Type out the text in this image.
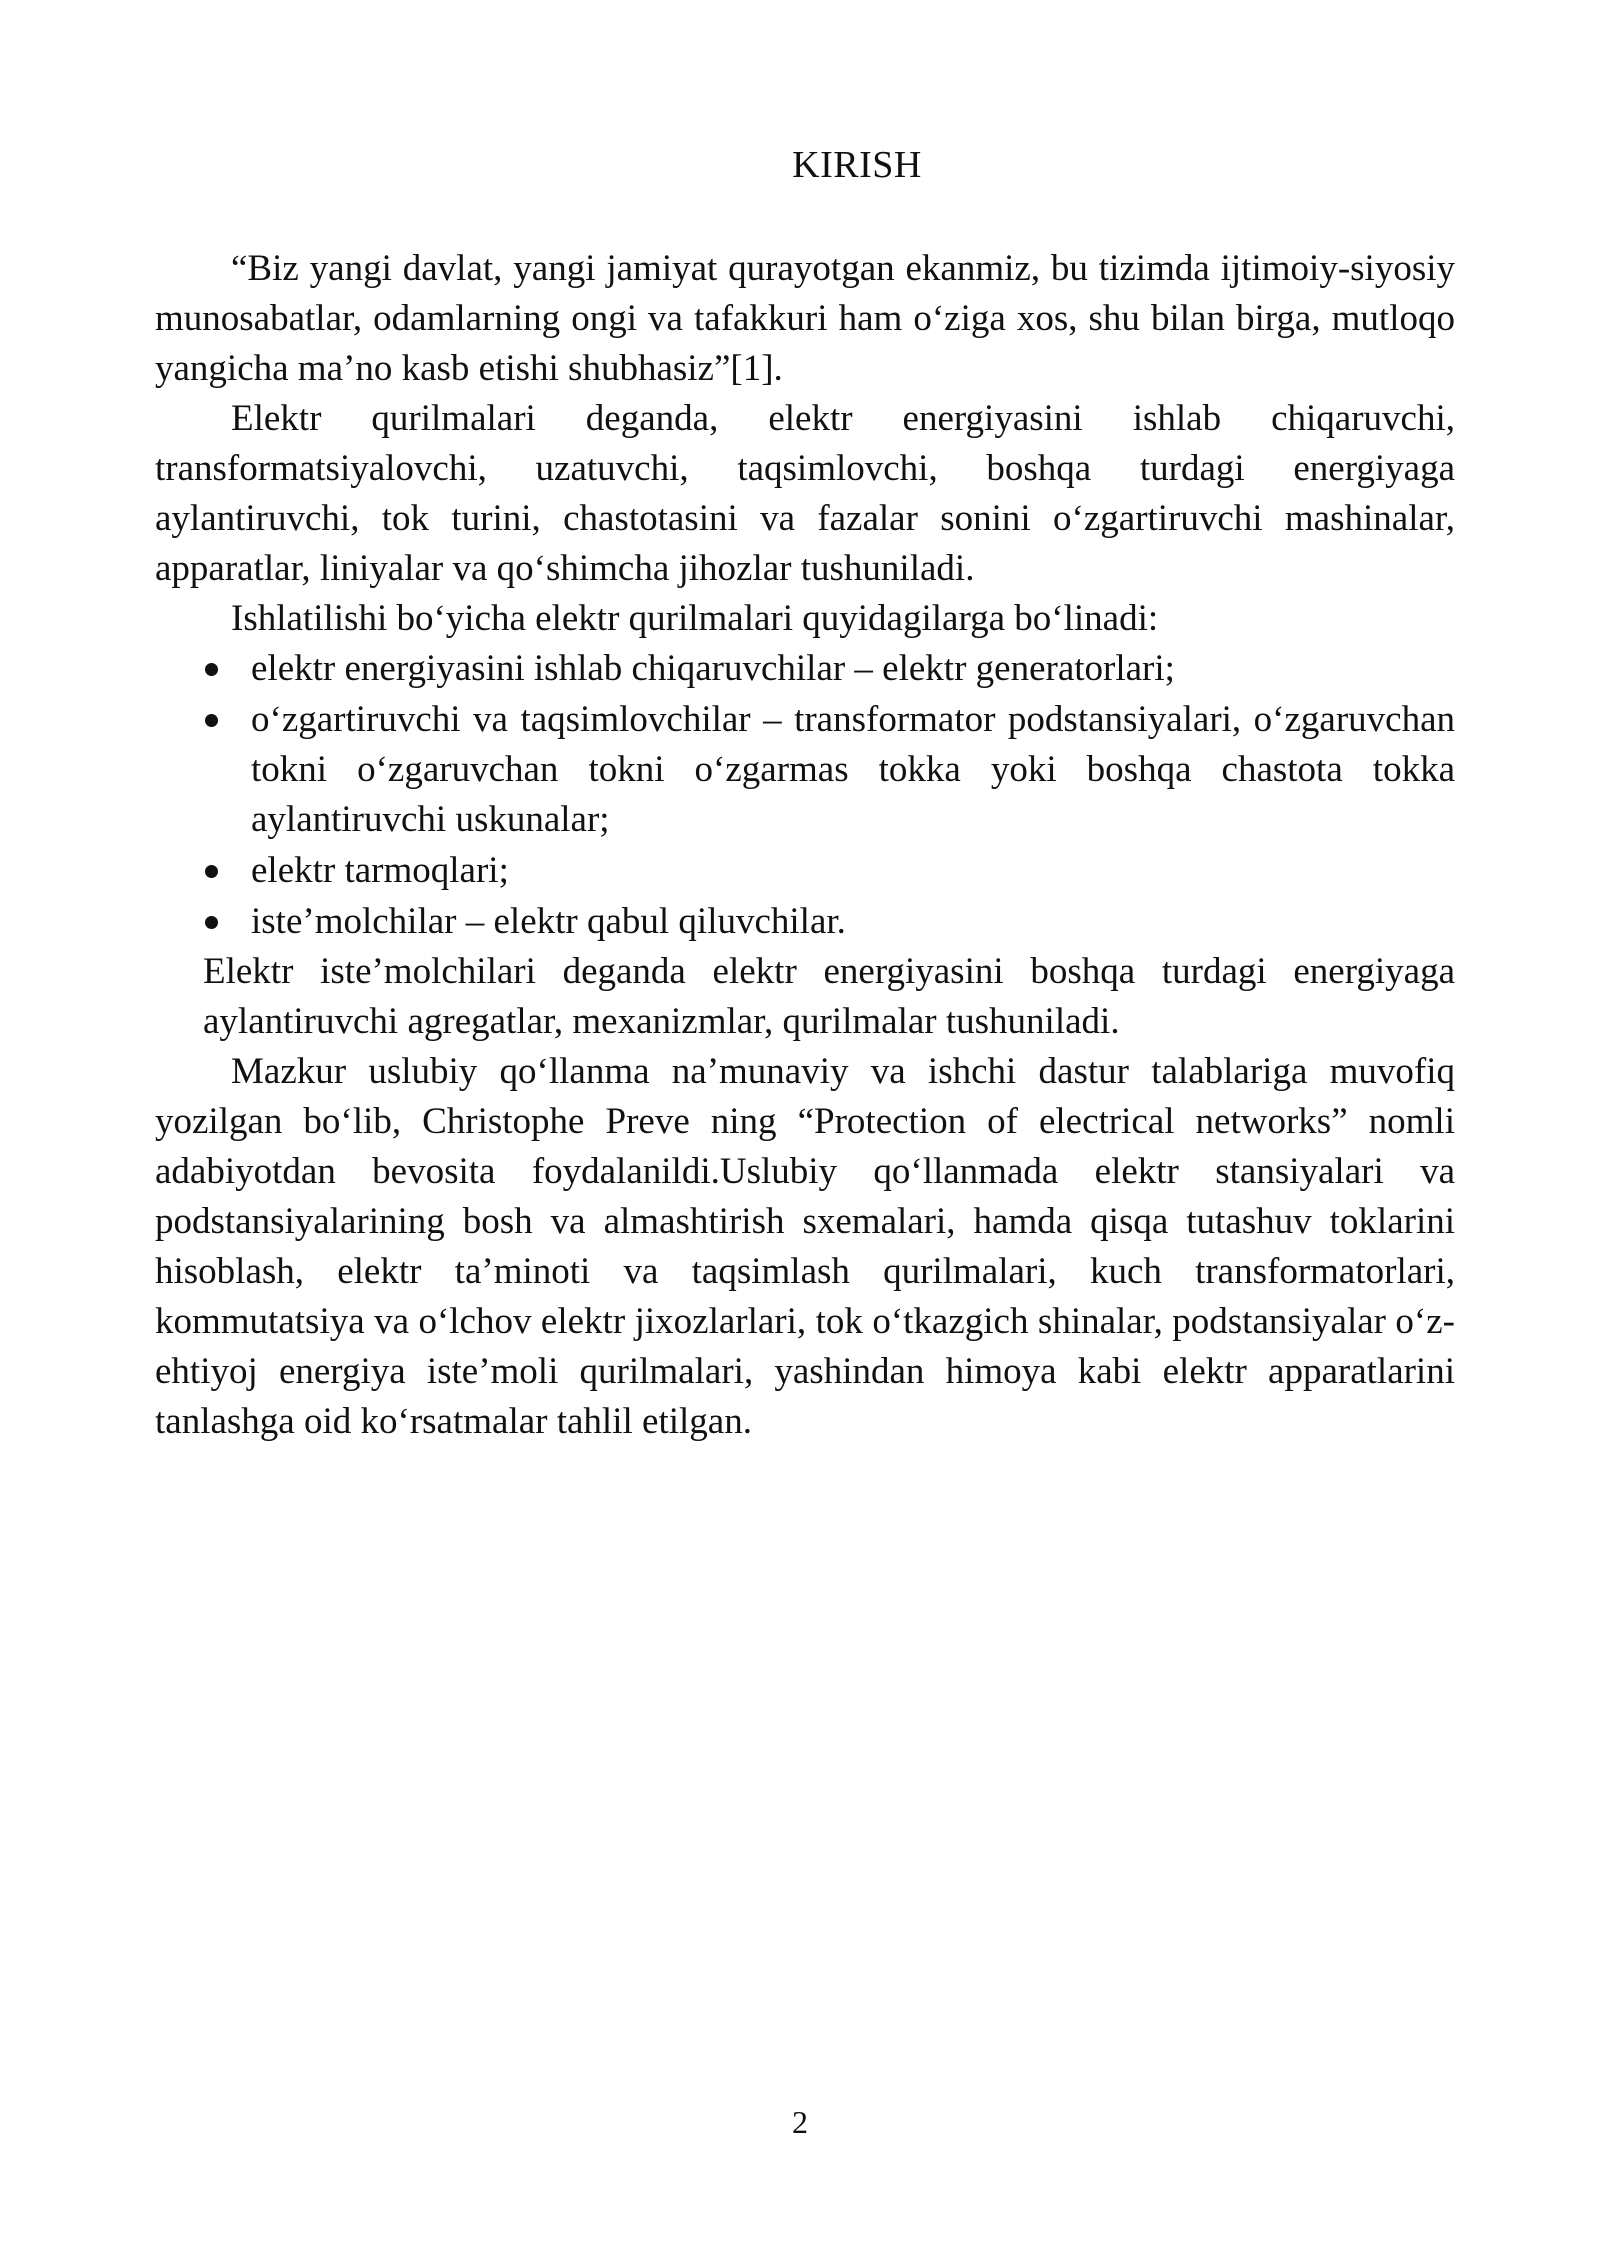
KIRISH

“Biz yangi davlat, yangi jamiyat qurayotgan ekanmiz, bu tizimda ijtimoiy-siyosiy munosabatlar, odamlarning ongi va tafakkuri ham o‘ziga xos, shu bilan birga, mutloqo yangicha ma’no kasb etishi shubhasiz”[1].

Elektr qurilmalari deganda, elektr energiyasini ishlab chiqaruvchi, transformatsiyalovchi, uzatuvchi, taqsimlovchi, boshqa turdagi energiyaga aylantiruvchi, tok turini, chastotasini va fazalar sonini o‘zgartiruvchi mashinalar, apparatlar, liniyalar va qo‘shimcha jihozlar tushuniladi.

Ishlatilishi bo‘yicha elektr qurilmalari quyidagilarga bo‘linadi:

elektr energiyasini ishlab chiqaruvchilar – elektr generatorlari;
o‘zgartiruvchi va taqsimlovchilar – transformator podstansiyalari, o‘zgaruvchan tokni o‘zgaruvchan tokni o‘zgarmas tokka yoki boshqa chastota tokka aylantiruvchi uskunalar;
elektr tarmoqlari;
iste’molchilar – elektr qabul qiluvchilar.

Elektr iste’molchilari deganda elektr energiyasini boshqa turdagi energiyaga aylantiruvchi agregatlar, mexanizmlar, qurilmalar tushuniladi.

Mazkur uslubiy qo‘llanma na’munaviy va ishchi dastur talablariga muvofiq yozilgan bo‘lib, Christophe Preve ning “Protection of electrical networks” nomli adabiyotdan bevosita foydalanildi.Uslubiy qo‘llanmada elektr stansiyalari va podstansiyalarining bosh va almashtirish sxemalari, hamda qisqa tutashuv toklarini hisoblash, elektr ta’minoti va taqsimlash qurilmalari, kuch transformatorlari, kommutatsiya va o‘lchov elektr jixozlarlari, tok o‘tkazgich shinalar, podstansiyalar o‘z-ehtiyoj energiya iste’moli qurilmalari, yashindan himoya kabi elektr apparatlarini tanlashga oid ko‘rsatmalar tahlil etilgan.

2
